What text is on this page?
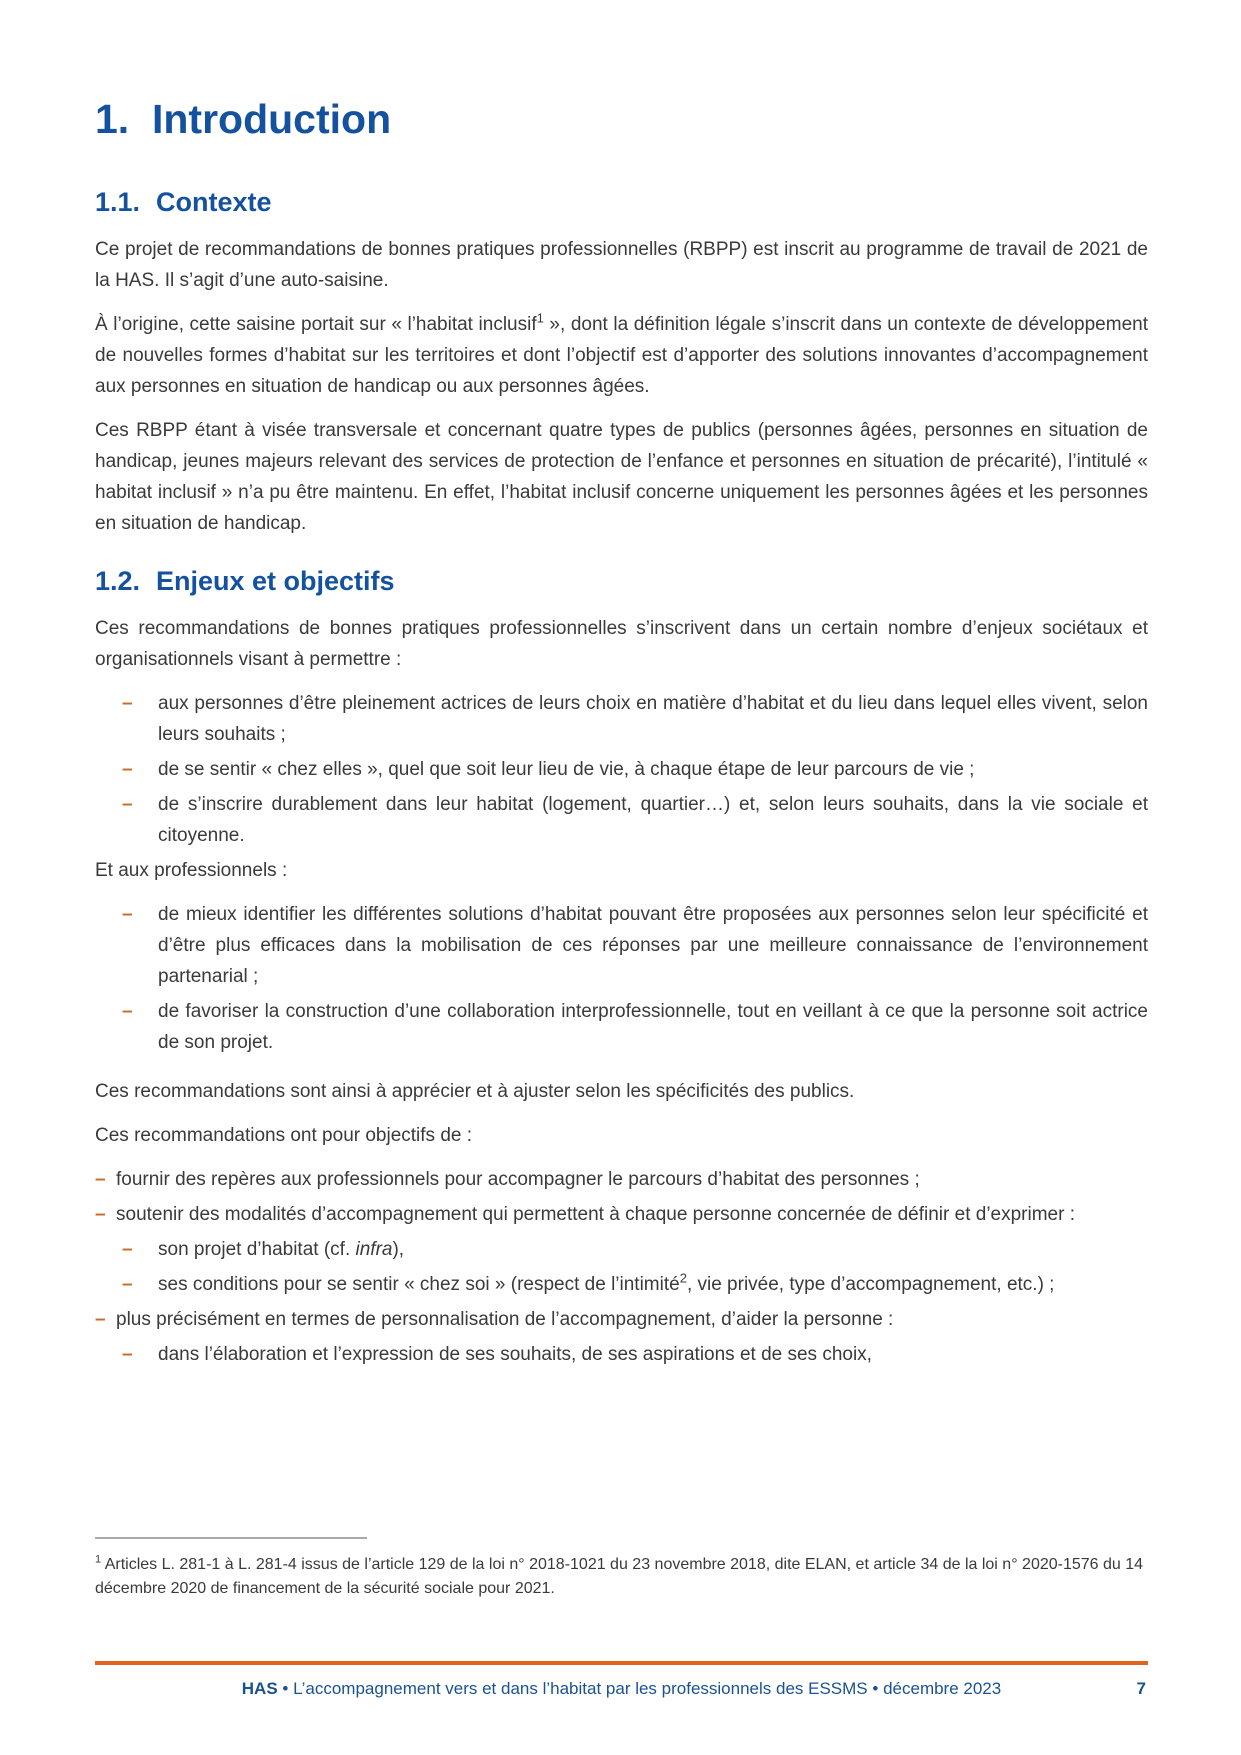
1. Introduction
1.1. Contexte

Ce projet de recommandations de bonnes pratiques professionnelles (RBPP) est inscrit au programme de travail de 2021 de la HAS. Il s’agit d’une auto-saisine.

À l’origine, cette saisine portait sur « l’habitat inclusif$^1$ », dont la définition légale s’inscrit dans un contexte de développement de nouvelles formes d’habitat sur les territoires et dont l’objectif est d’apporter des solutions innovantes d’accompagnement aux personnes en situation de handicap ou aux personnes âgées.

Ces RBPP étant à visée transversale et concernant quatre types de publics (personnes âgées, personnes en situation de handicap, jeunes majeurs relevant des services de protection de l’enfance et personnes en situation de précarité), l’intitulé « habitat inclusif » n’a pu être maintenu. En effet, l’habitat inclusif concerne uniquement les personnes âgées et les personnes en situation de handicap.

1.2. Enjeux et objectifs

Ces recommandations de bonnes pratiques professionnelles s’inscrivent dans un certain nombre d’enjeux sociétaux et organisationnels visant à permettre :

–	aux personnes d’être pleinement actrices de leurs choix en matière d’habitat et du lieu dans lequel elles vivent, selon leurs souhaits ;
–	de se sentir « chez elles », quel que soit leur lieu de vie, à chaque étape de leur parcours de vie ;
–	de s’inscrire durablement dans leur habitat (logement, quartier…) et, selon leurs souhaits, dans la vie sociale et citoyenne.

Et aux professionnels :

–	de mieux identifier les différentes solutions d’habitat pouvant être proposées aux personnes selon leur spécificité et d’être plus efficaces dans la mobilisation de ces réponses par une meilleure connaissance de l’environnement partenarial ;
–	de favoriser la construction d’une collaboration interprofessionnelle, tout en veillant à ce que la personne soit actrice de son projet.

Ces recommandations sont ainsi à apprécier et à ajuster selon les spécificités des publics.

Ces recommandations ont pour objectifs de :

– fournir des repères aux professionnels pour accompagner le parcours d’habitat des personnes ;
– soutenir des modalités d’accompagnement qui permettent à chaque personne concernée de définir et d’exprimer :
–	son projet d’habitat (cf. infra),
–	ses conditions pour se sentir « chez soi » (respect de l’intimité$^2$, vie privée, type d’accompagnement, etc.) ;
– plus précisément en termes de personnalisation de l’accompagnement, d’aider la personne :
–	dans l’élaboration et l’expression de ses souhaits, de ses aspirations et de ses choix,

$^1$ Articles L. 281-1 à L. 281-4 issus de l’article 129 de la loi n° 2018-1021 du 23 novembre 2018, dite ELAN, et article 34 de la loi n° 2020-1576 du 14 décembre 2020 de financement de la sécurité sociale pour 2021.

HAS • L’accompagnement vers et dans l’habitat par les professionnels des ESSMS • décembre 2023	7
